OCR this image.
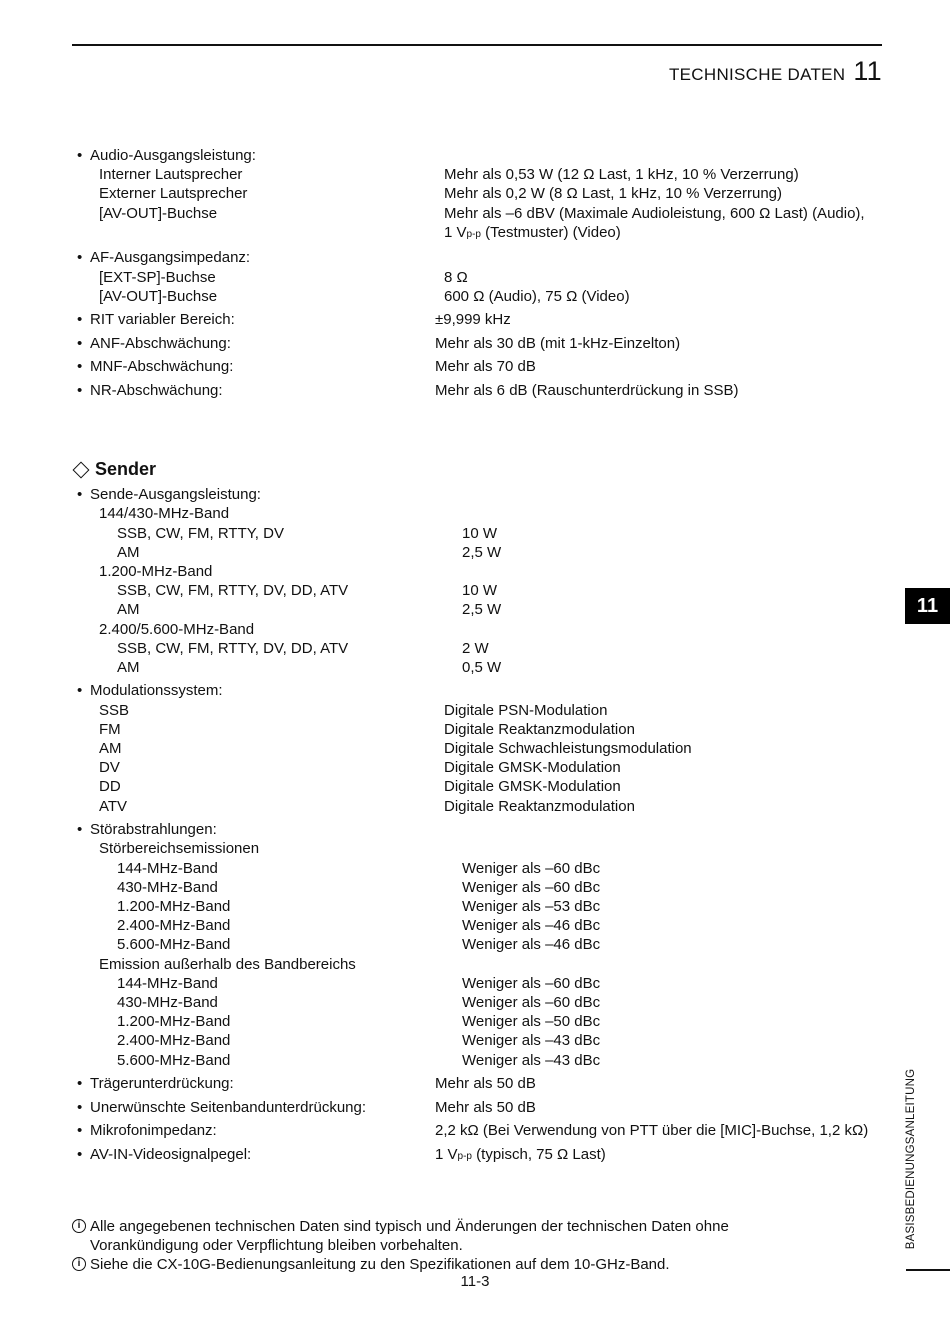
TECHNISCHE DATEN 11
• Audio-Ausgangsleistung:
Interner Lautsprecher	Mehr als 0,53 W (12 Ω Last, 1 kHz, 10 % Verzerrung)
Externer Lautsprecher	Mehr als 0,2 W (8 Ω Last, 1 kHz, 10 % Verzerrung)
[AV-OUT]-Buchse	Mehr als –6 dBV (Maximale Audioleistung, 600 Ω Last) (Audio),
1 Vp-p (Testmuster) (Video)
• AF-Ausgangsimpedanz:
[EXT-SP]-Buchse	8 Ω
[AV-OUT]-Buchse	600 Ω (Audio), 75 Ω (Video)
• RIT variabler Bereich:	±9,999 kHz
• ANF-Abschwächung:	Mehr als 30 dB (mit 1-kHz-Einzelton)
• MNF-Abschwächung:	Mehr als 70 dB
• NR-Abschwächung:	Mehr als 6 dB (Rauschunterdrückung in SSB)
Sender
• Sende-Ausgangsleistung:
144/430-MHz-Band
SSB, CW, FM, RTTY, DV	10 W
AM	2,5 W
1.200-MHz-Band
SSB, CW, FM, RTTY, DV, DD, ATV	10 W
AM	2,5 W
2.400/5.600-MHz-Band
SSB, CW, FM, RTTY, DV, DD, ATV	2 W
AM	0,5 W
• Modulationssystem:
SSB	Digitale PSN-Modulation
FM	Digitale Reaktanzmodulation
AM	Digitale Schwachleistungsmodulation
DV	Digitale GMSK-Modulation
DD	Digitale GMSK-Modulation
ATV	Digitale Reaktanzmodulation
• Störabstrahlungen:
Störbereichsemissionen
144-MHz-Band	Weniger als –60 dBc
430-MHz-Band	Weniger als –60 dBc
1.200-MHz-Band	Weniger als –53 dBc
2.400-MHz-Band	Weniger als –46 dBc
5.600-MHz-Band	Weniger als –46 dBc
Emission außerhalb des Bandbereichs
144-MHz-Band	Weniger als –60 dBc
430-MHz-Band	Weniger als –60 dBc
1.200-MHz-Band	Weniger als –50 dBc
2.400-MHz-Band	Weniger als –43 dBc
5.600-MHz-Band	Weniger als –43 dBc
• Trägerunterdrückung:	Mehr als 50 dB
• Unerwünschte Seitenbandunterdrückung:	Mehr als 50 dB
• Mikrofonimpedanz:	2,2 kΩ (Bei Verwendung von PTT über die [MIC]-Buchse, 1,2 kΩ)
• AV-IN-Videosignalpegel:	1 Vp-p (typisch, 75 Ω Last)
i Alle angegebenen technischen Daten sind typisch und Änderungen der technischen Daten ohne
Vorankündigung oder Verpflichtung bleiben vorbehalten.
i Siehe die CX-10G-Bedienungsanleitung zu den Spezifikationen auf dem 10-GHz-Band.
11-3
11
BASISBEDIENUNGSANLEITUNG
